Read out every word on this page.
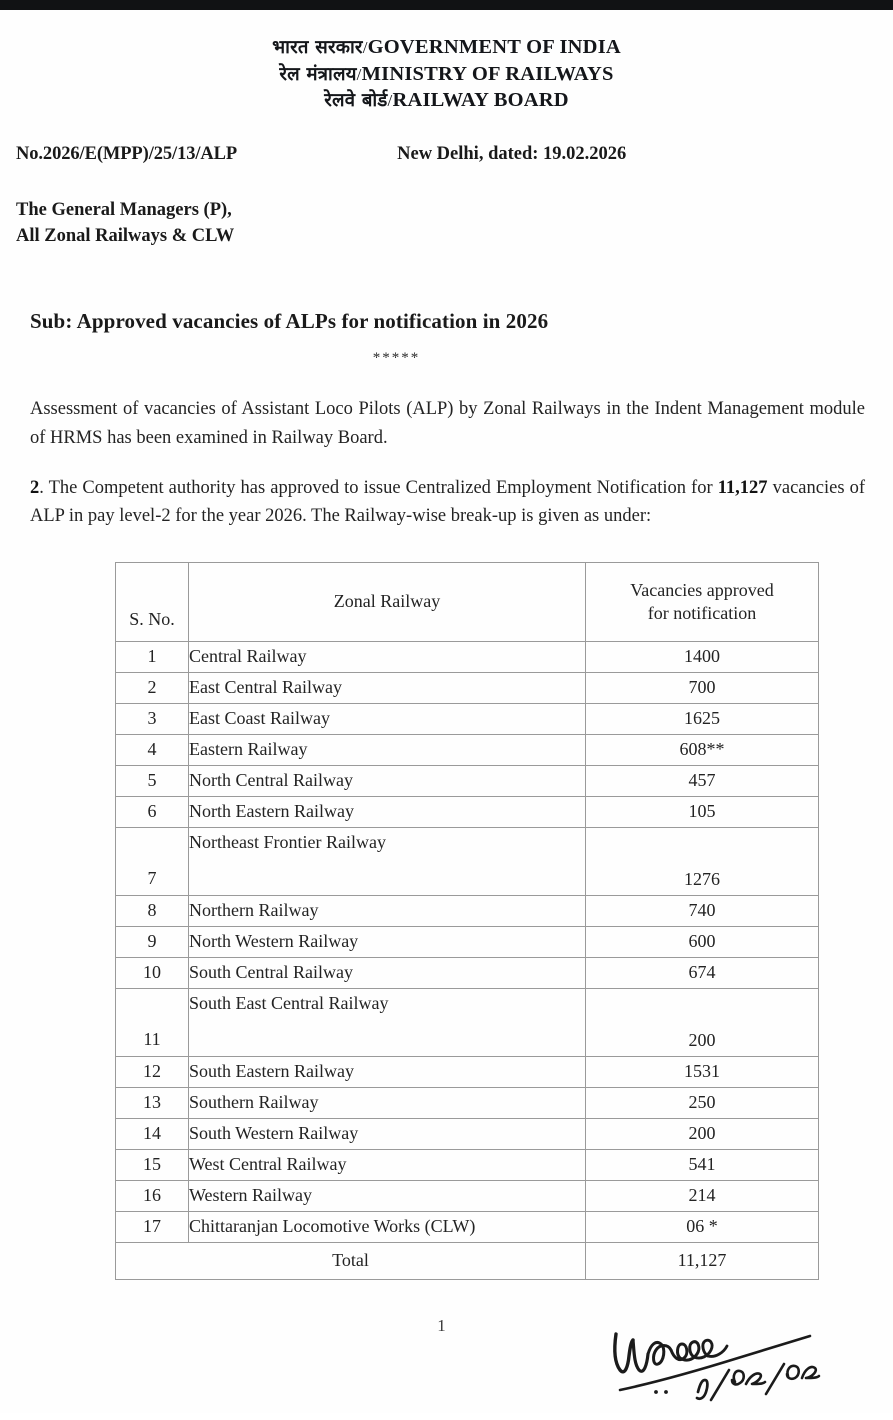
भारत सरकार/GOVERNMENT OF INDIA
रेल मंत्रालय/MINISTRY OF RAILWAYS
रेलवे बोर्ड/RAILWAY BOARD
No.2026/E(MPP)/25/13/ALP	New Delhi, dated: 19.02.2026
The General Managers (P),
All Zonal Railways & CLW
Sub: Approved vacancies of ALPs for notification in 2026
*****
Assessment of vacancies of Assistant Loco Pilots (ALP) by Zonal Railways in the Indent Management module of HRMS has been examined in Railway Board.
2. The Competent authority has approved to issue Centralized Employment Notification for 11,127 vacancies of ALP in pay level-2 for the year 2026. The Railway-wise break-up is given as under:
S. No.	Zonal Railway	Vacancies approved
for notification

1	Central Railway	1400
2	East Central Railway	700
3	East Coast Railway	1625
4	Eastern Railway	608**
5	North Central Railway	457
6	North Eastern Railway	105
7	Northeast Frontier Railway	1276
8	Northern Railway	740
9	North Western Railway	600
10	South Central Railway	674
11	South East Central Railway	200
12	South Eastern Railway	1531
13	Southern Railway	250
14	South Western Railway	200
15	West Central Railway	541
16	Western Railway	214
17	Chittaranjan Locomotive Works (CLW)	06 *
Total		11,127
1
